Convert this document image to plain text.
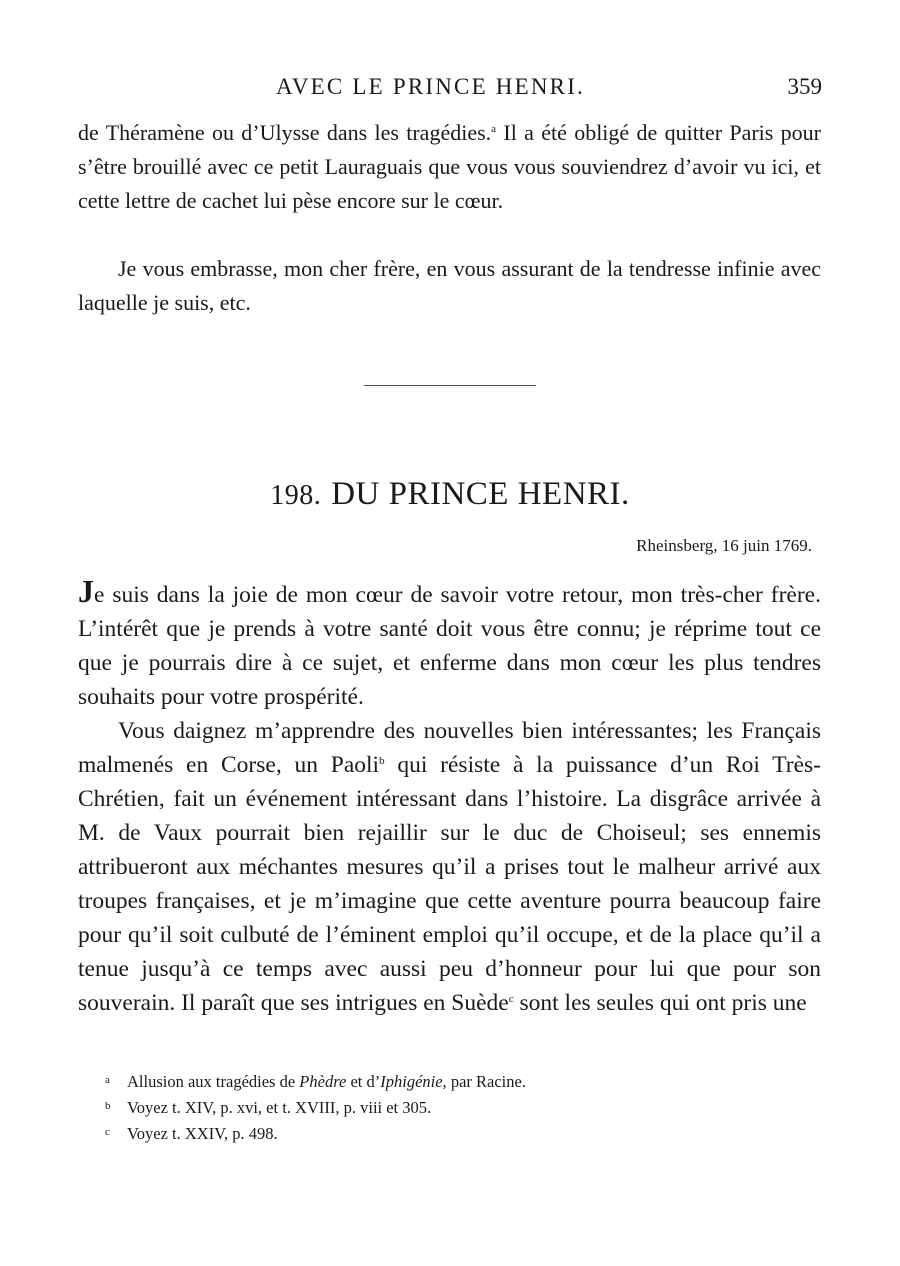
AVEC LE PRINCE HENRI.	359

de Théramène ou d’Ulysse dans les tragédies.$^a$ Il a été obligé de quitter Paris pour s’être brouillé avec ce petit Lauraguais que vous vous souviendrez d’avoir vu ici, et cette lettre de cachet lui pèse encore sur le cœur.

Je vous embrasse, mon cher frère, en vous assurant de la tendresse infinie avec laquelle je suis, etc.

198. DU PRINCE HENRI.
Rheinsberg, 16 juin 1769.

Je suis dans la joie de mon cœur de savoir votre retour, mon très-cher frère. L’intérêt que je prends à votre santé doit vous être connu; je réprime tout ce que je pourrais dire à ce sujet, et enferme dans mon cœur les plus tendres souhaits pour votre prospérité.

Vous daignez m’apprendre des nouvelles bien intéressantes; les Français malmenés en Corse, un Paoli$^b$ qui résiste à la puissance d’un Roi Très-Chrétien, fait un événement intéressant dans l’histoire. La disgrâce arrivée à M. de Vaux pourrait bien rejaillir sur le duc de Choiseul; ses ennemis attribueront aux méchantes mesures qu’il a prises tout le malheur arrivé aux troupes françaises, et je m’imagine que cette aventure pourra beaucoup faire pour qu’il soit culbuté de l’éminent emploi qu’il occupe, et de la place qu’il a tenue jusqu’à ce temps avec aussi peu d’honneur pour lui que pour son souverain. Il paraît que ses intrigues en Suède$^c$ sont les seules qui ont pris une

a Allusion aux tragédies de Phèdre et d’Iphigénie, par Racine.
b Voyez t. XIV, p. xvi, et t. XVIII, p. viii et 305.
c Voyez t. XXIV, p. 498.
